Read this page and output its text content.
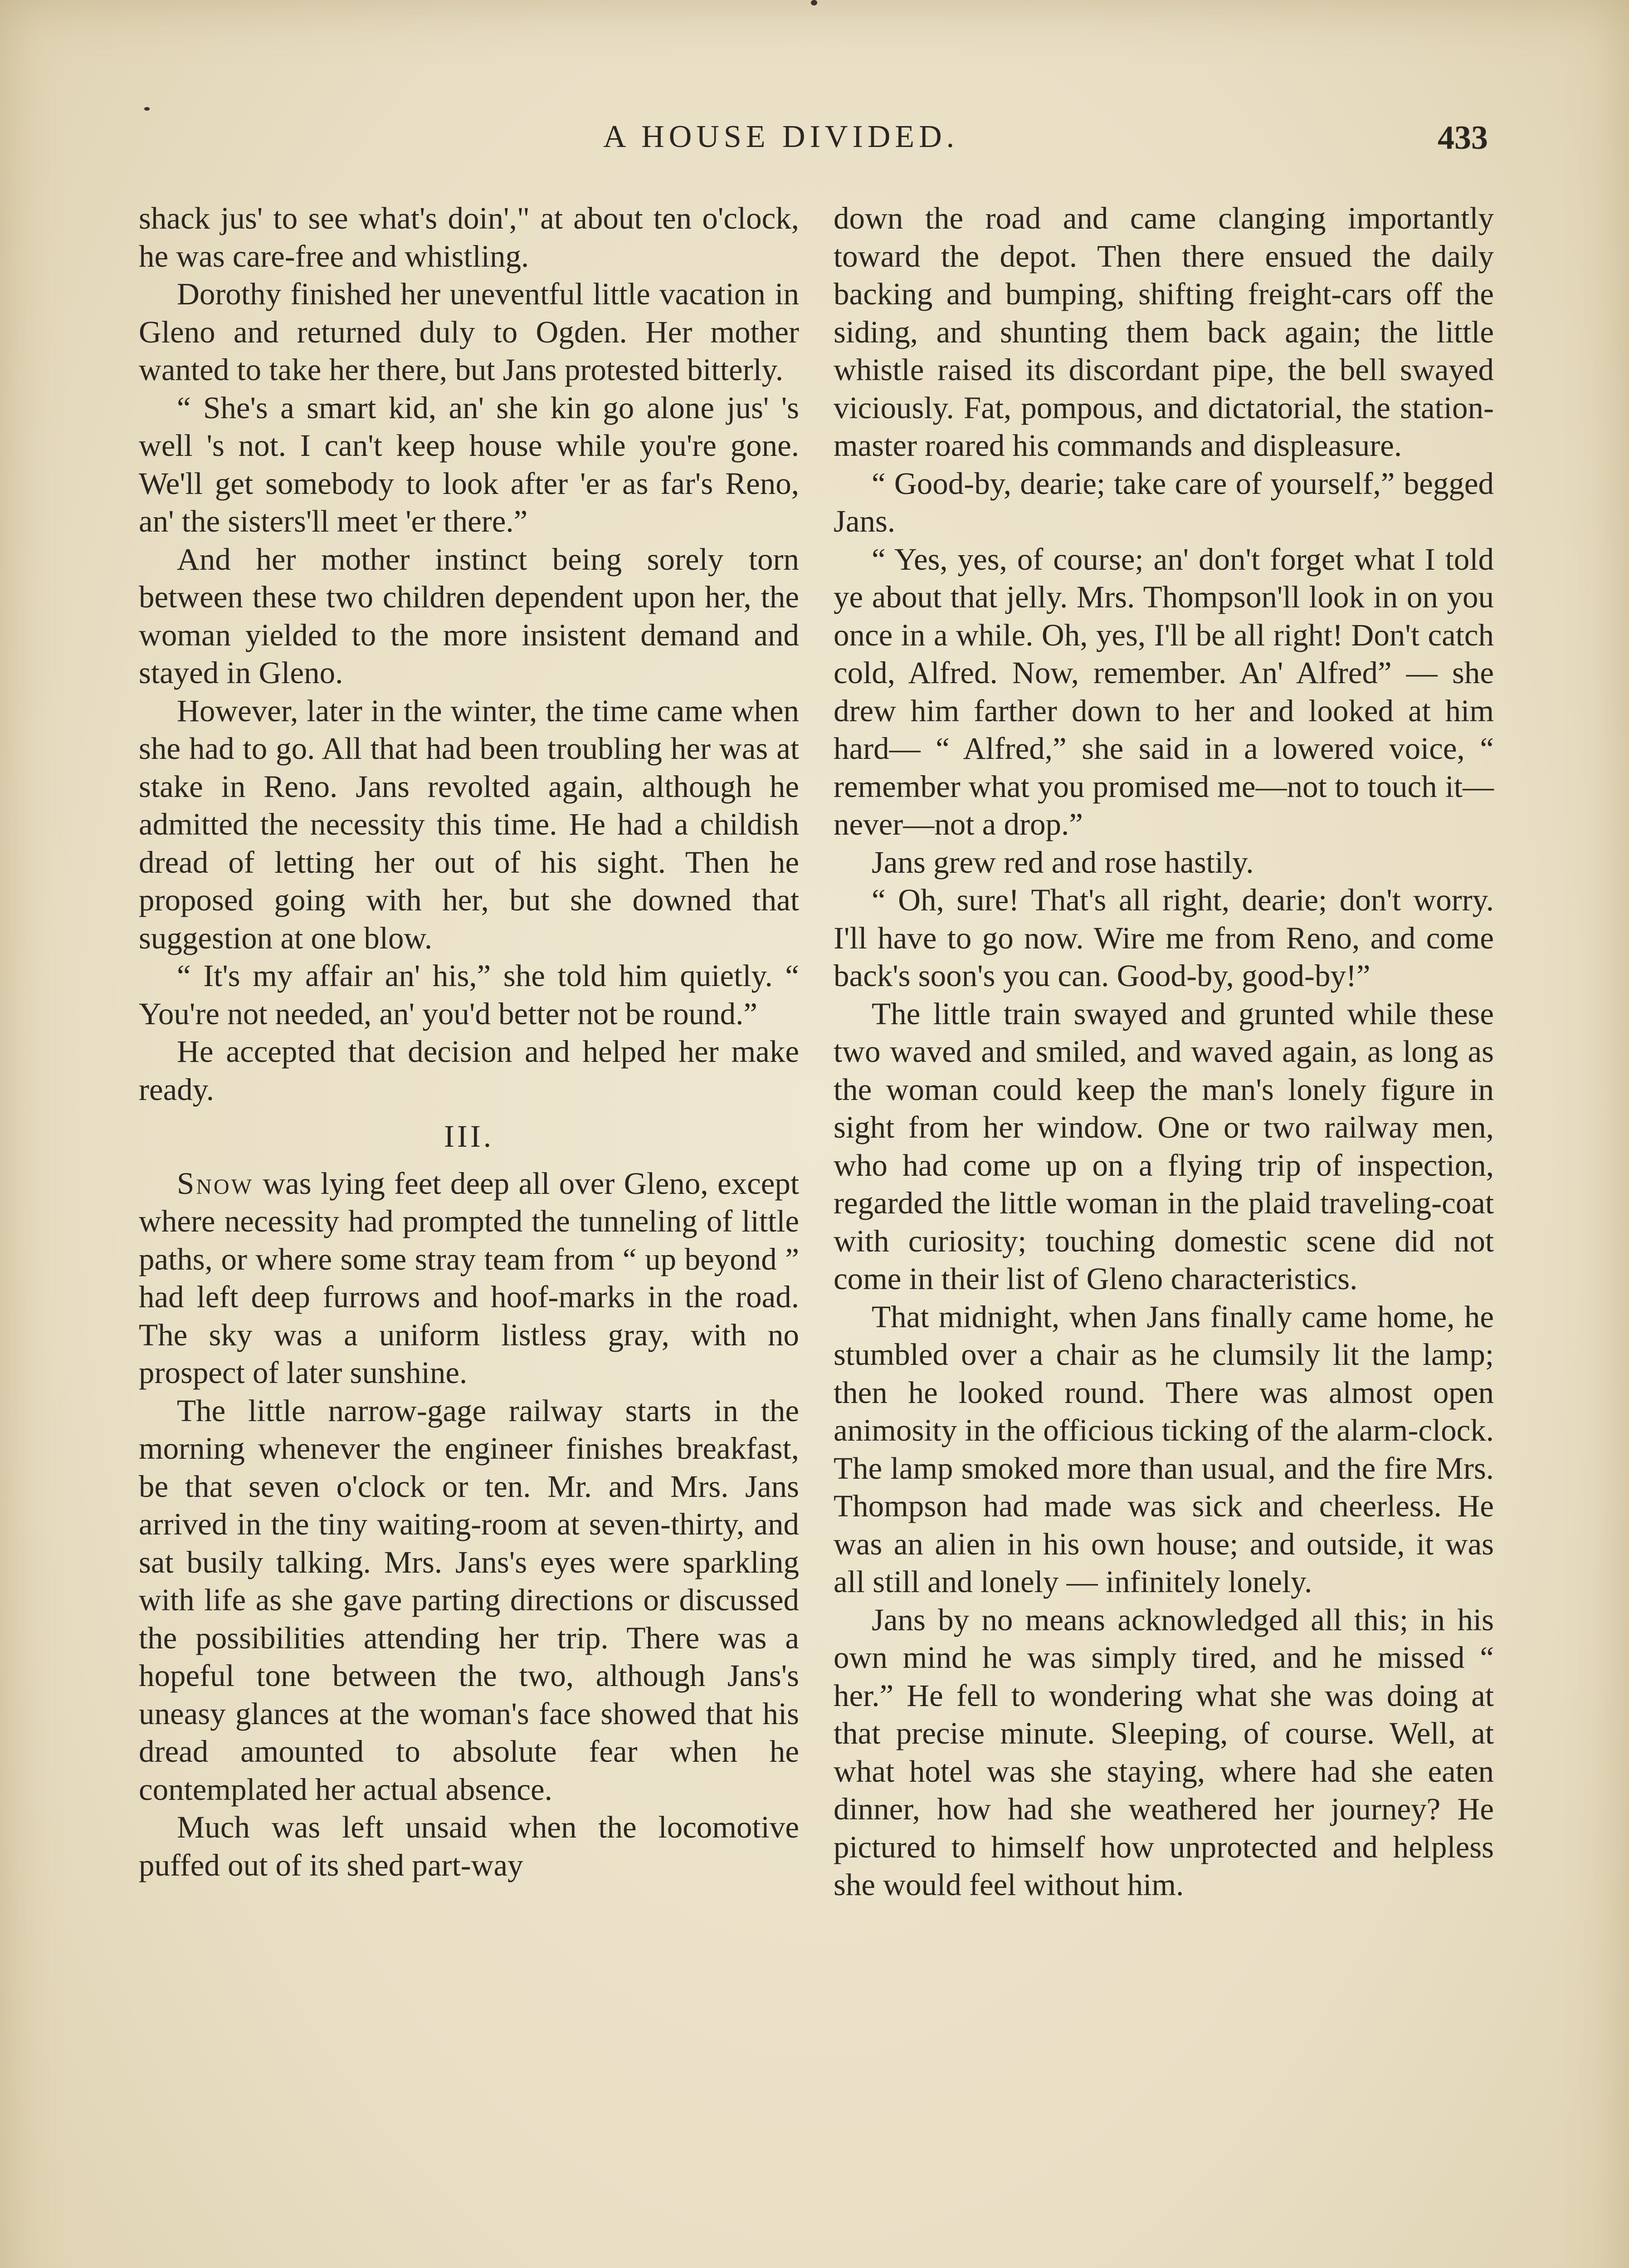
A HOUSE DIVIDED.	433

shack jus' to see what's doin'," at about ten o'clock, he was care-free and whistling.

Dorothy finished her uneventful little vacation in Gleno and returned duly to Ogden. Her mother wanted to take her there, but Jans protested bitterly.

“ She's a smart kid, an' she kin go alone jus' 's well 's not. I can't keep house while you're gone. We'll get somebody to look after 'er as far's Reno, an' the sisters'll meet 'er there.”

And her mother instinct being sorely torn between these two children dependent upon her, the woman yielded to the more insistent demand and stayed in Gleno.

However, later in the winter, the time came when she had to go. All that had been troubling her was at stake in Reno. Jans revolted again, although he admitted the necessity this time. He had a childish dread of letting her out of his sight. Then he proposed going with her, but she downed that suggestion at one blow.

“ It's my affair an' his,” she told him quietly. “ You're not needed, an' you'd better not be round.”

He accepted that decision and helped her make ready.

III.

Snow was lying feet deep all over Gleno, except where necessity had prompted the tunneling of little paths, or where some stray team from “ up beyond ” had left deep furrows and hoof-marks in the road. The sky was a uniform listless gray, with no prospect of later sunshine.

The little narrow-gage railway starts in the morning whenever the engineer finishes breakfast, be that seven o'clock or ten. Mr. and Mrs. Jans arrived in the tiny waiting-room at seven-thirty, and sat busily talking. Mrs. Jans's eyes were sparkling with life as she gave parting directions or discussed the possibilities attending her trip. There was a hopeful tone between the two, although Jans's uneasy glances at the woman's face showed that his dread amounted to absolute fear when he contemplated her actual absence.

Much was left unsaid when the locomotive puffed out of its shed part-way

down the road and came clanging importantly toward the depot. Then there ensued the daily backing and bumping, shifting freight-cars off the siding, and shunting them back again; the little whistle raised its discordant pipe, the bell swayed viciously. Fat, pompous, and dictatorial, the station-master roared his commands and displeasure.

“ Good-by, dearie; take care of yourself,” begged Jans.

“ Yes, yes, of course; an' don't forget what I told ye about that jelly. Mrs. Thompson'll look in on you once in a while. Oh, yes, I'll be all right! Don't catch cold, Alfred. Now, remember. An' Alfred” — she drew him farther down to her and looked at him hard— “ Alfred,” she said in a lowered voice, “ remember what you promised me—not to touch it—never—not a drop.”

Jans grew red and rose hastily.

“ Oh, sure! That's all right, dearie; don't worry. I'll have to go now. Wire me from Reno, and come back's soon's you can. Good-by, good-by!”

The little train swayed and grunted while these two waved and smiled, and waved again, as long as the woman could keep the man's lonely figure in sight from her window. One or two railway men, who had come up on a flying trip of inspection, regarded the little woman in the plaid traveling-coat with curiosity; touching domestic scene did not come in their list of Gleno characteristics.

That midnight, when Jans finally came home, he stumbled over a chair as he clumsily lit the lamp; then he looked round. There was almost open animosity in the officious ticking of the alarm-clock. The lamp smoked more than usual, and the fire Mrs. Thompson had made was sick and cheerless. He was an alien in his own house; and outside, it was all still and lonely — infinitely lonely.

Jans by no means acknowledged all this; in his own mind he was simply tired, and he missed “ her.” He fell to wondering what she was doing at that precise minute. Sleeping, of course. Well, at what hotel was she staying, where had she eaten dinner, how had she weathered her journey? He pictured to himself how unprotected and helpless she would feel without him.
